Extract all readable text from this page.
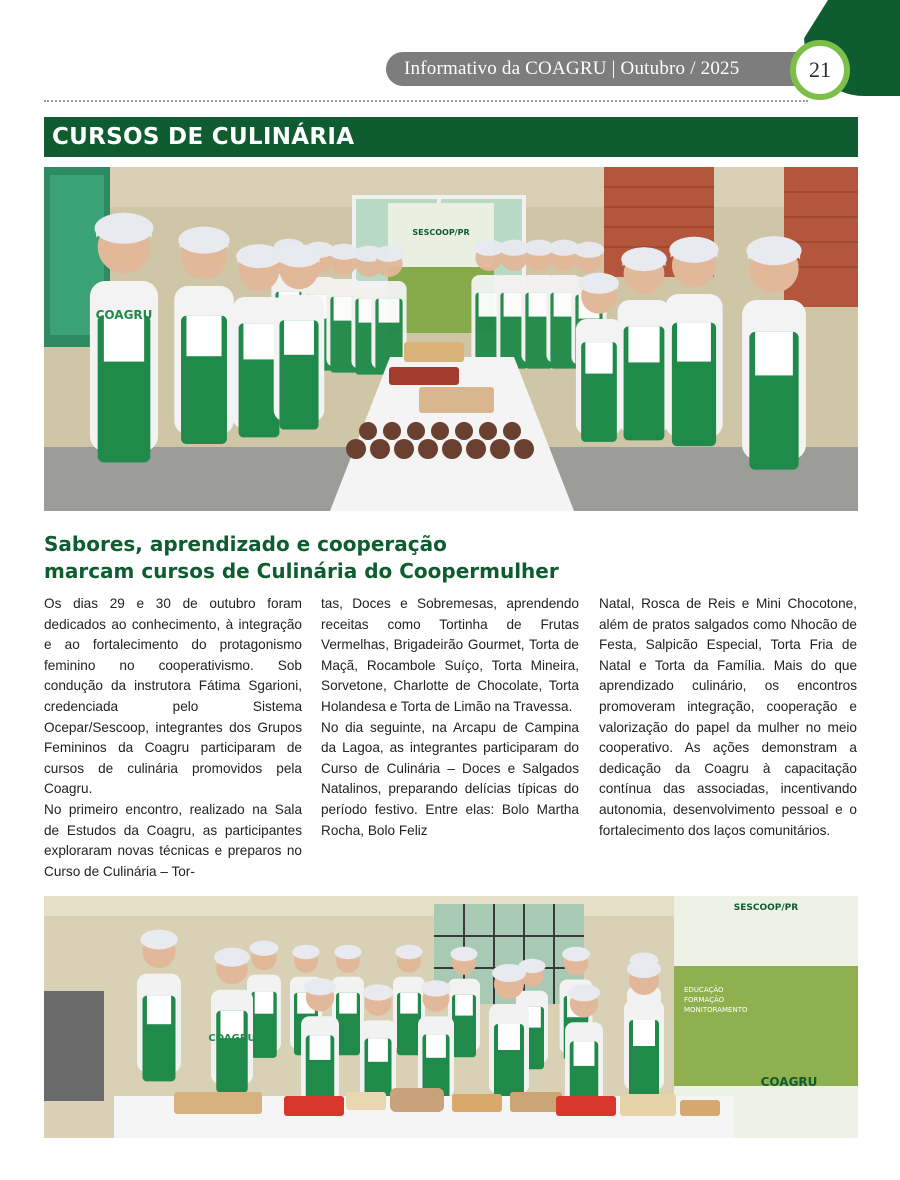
Informativo da COAGRU | Outubro / 2025	21
CURSOS DE CULINÁRIA
SESCOOP/PR
COAGRU
Sabores, aprendizado e cooperação
marcam cursos de Culinária do Coopermulher

Os dias 29 e 30 de outubro foram dedicados ao conhecimento, à integração e ao fortalecimento do protagonismo feminino no cooperativismo. Sob condução da instrutora Fátima Sgarioni, credenciada pelo Sistema Ocepar/Sescoop, integrantes dos Grupos Femininos da Coagru participaram de cursos de culinária promovidos pela Coagru.

No primeiro encontro, realizado na Sala de Estudos da Coagru, as participantes exploraram novas técnicas e preparos no Curso de Culinária – Tor-

tas, Doces e Sobremesas, aprendendo receitas como Tortinha de Frutas Vermelhas, Brigadeirão Gourmet, Torta de Maçã, Rocambole Suíço, Torta Mineira, Sorvetone, Charlotte de Chocolate, Torta Holandesa e Torta de Limão na Travessa.

No dia seguinte, na Arcapu de Campina da Lagoa, as integrantes participaram do Curso de Culinária – Doces e Salgados Natalinos, preparando delícias típicas do período festivo. Entre elas: Bolo Martha Rocha, Bolo Feliz

Natal, Rosca de Reis e Mini Chocotone, além de pratos salgados como Nhocão de Festa, Salpicão Especial, Torta Fria de Natal e Torta da Família. Mais do que aprendizado culinário, os encontros promoveram integração, cooperação e valorização do papel da mulher no meio cooperativo. As ações demonstram a dedicação da Coagru à capacitação contínua das associadas, incentivando autonomia, desenvolvimento pessoal e o fortalecimento dos laços comunitários.

SESCOOP/PR
EDUCAÇÃO
FORMAÇÃO
MONITORAMENTO
COAGRU
COAGRU
